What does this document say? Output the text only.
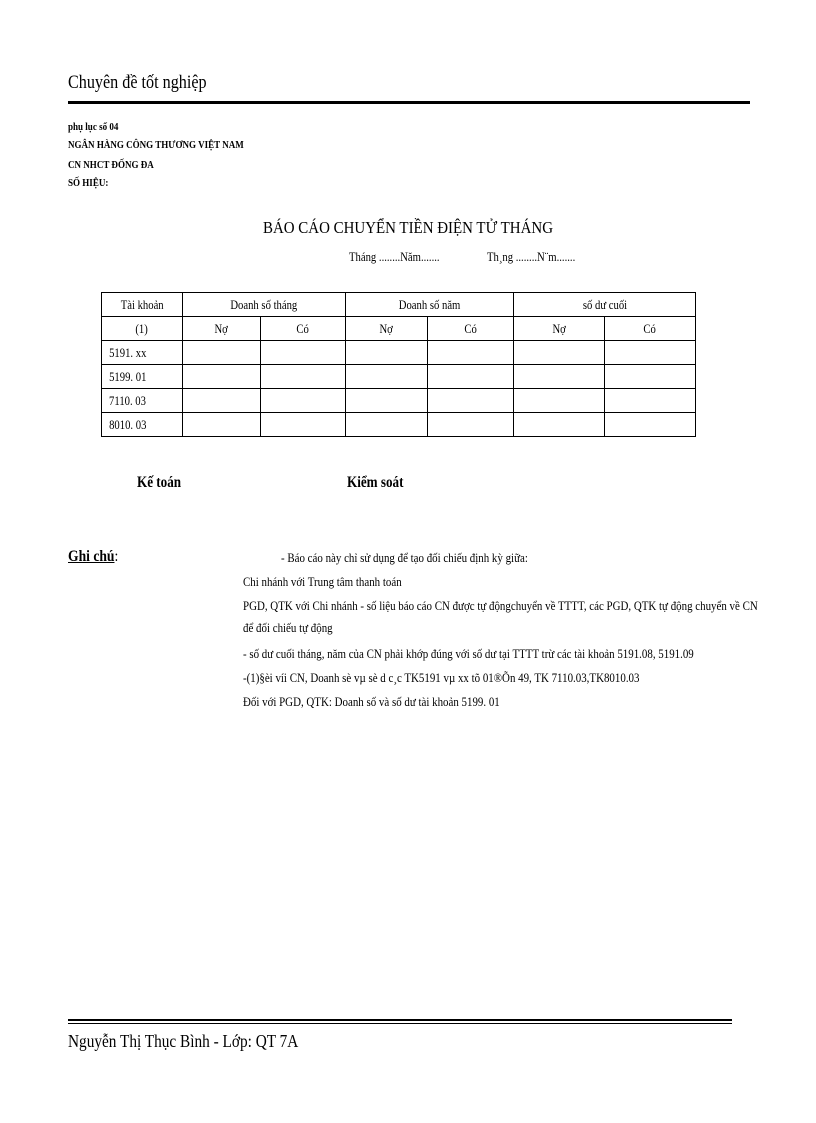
Chuyên đề tốt nghiệp
phụ lục số 04
NGÂN HÀNG CÔNG THƯƠNG VIỆT NAM
CN NHCT ĐỐNG ĐA
SỐ HIỆU:
BÁO CÁO CHUYỂN TIỀN ĐIỆN TỬ THÁNG
Tháng ........Năm.......	Th¸ng ........N¨m.......
Tài khoản	Doanh số tháng		Doanh số năm		số dư cuối	
(1)	Nợ	Có	Nợ	Có	Nợ	Có
5191. xx						
5199. 01						
7110. 03						
8010. 03						
Kế toán	Kiểm soát
Ghi chú:	- Báo cáo này chỉ sử dụng để tạo đối chiếu định kỳ giữa:
Chi nhánh với Trung tâm thanh toán
PGD, QTK với Chi nhánh - số liệu báo cáo CN được tự độngchuyển về TTTT, các PGD, QTK tự động chuyển về CN
để đối chiếu tự động
- số dư cuối tháng, năm của CN phải khớp đúng với số dư tại TTTT trừ các tài khoản 5191.08, 5191.09
-(1)§èi víi CN, Doanh sè vµ sè d c¸c TK5191 vµ xx tõ 01®Õn 49, TK 7110.03,TK8010.03
Đối với PGD, QTK: Doanh số và số dư tài khoản 5199. 01
Nguyễn Thị Thục Bình - Lớp: QT 7A
